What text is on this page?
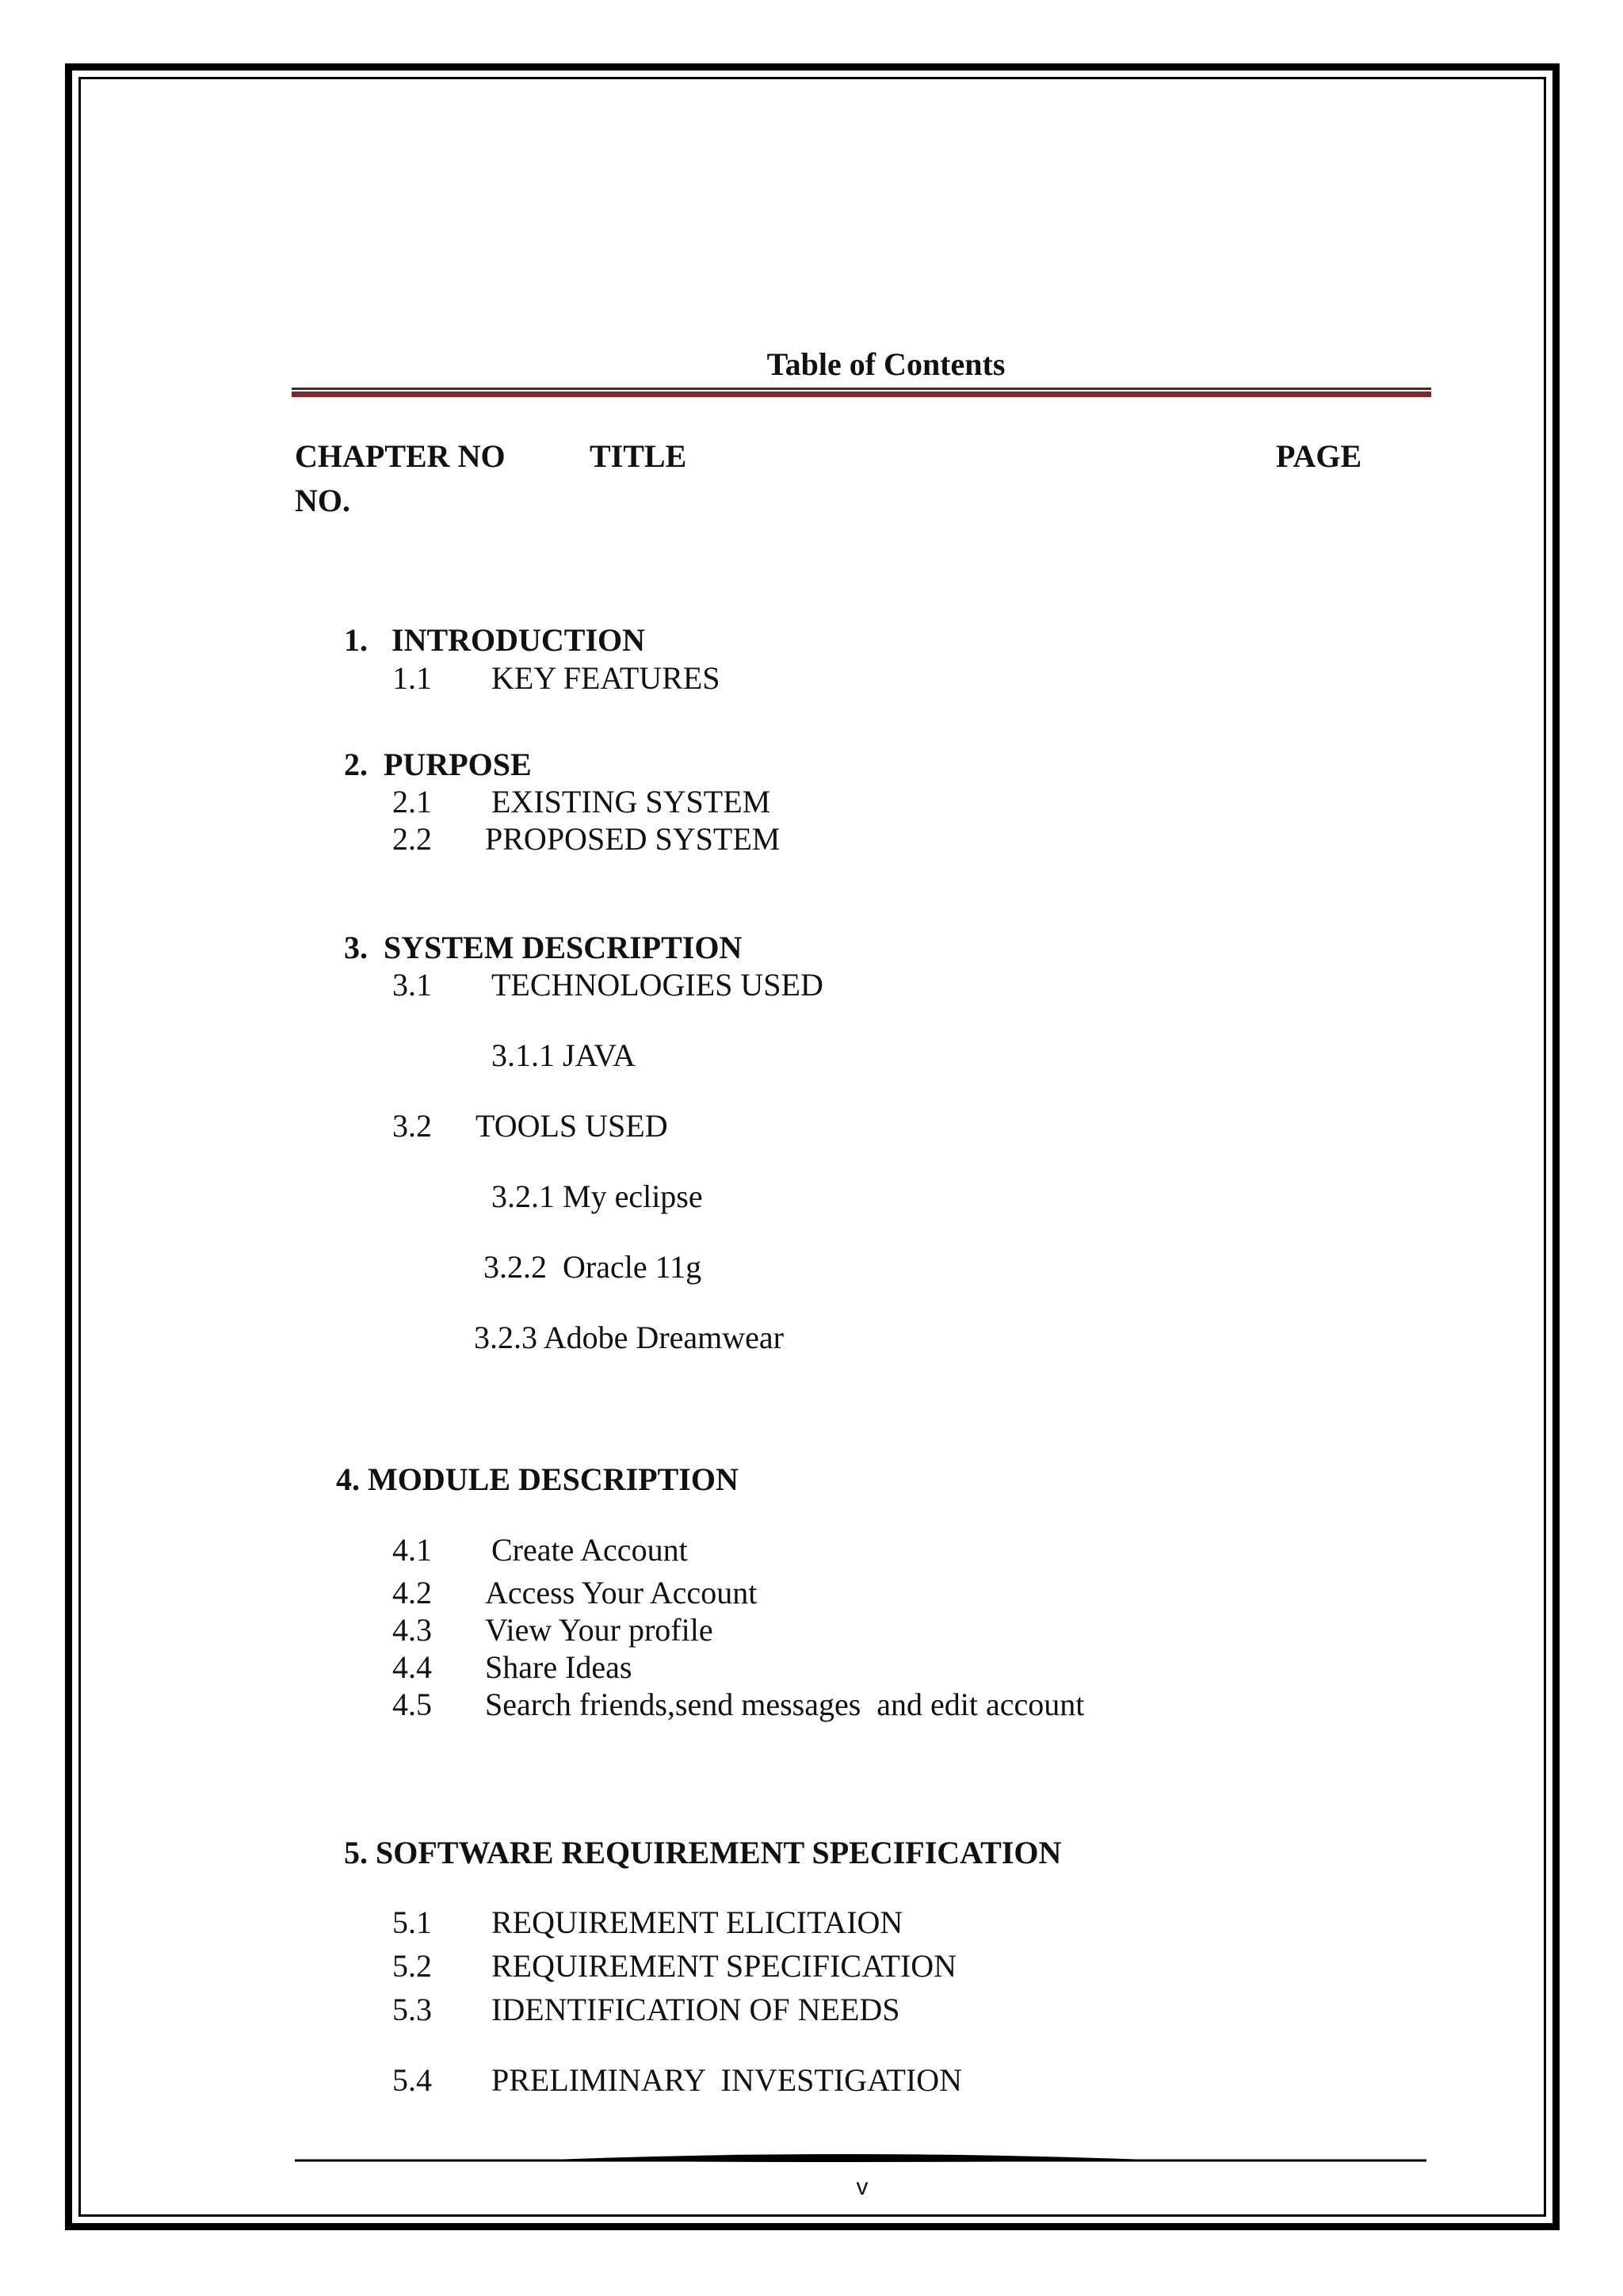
Table of Contents
CHAPTER NO	TITLE	PAGE
NO.
1.   INTRODUCTION
1.1 KEY FEATURES
2.  PURPOSE
2.1 EXISTING SYSTEM
2.2 PROPOSED SYSTEM
3.  SYSTEM DESCRIPTION
3.1 TECHNOLOGIES USED
3.1.1 JAVA
3.2 TOOLS USED
3.2.1 My eclipse
3.2.2  Oracle 11g
3.2.3 Adobe Dreamwear
4. MODULE DESCRIPTION
4.1 Create Account
4.2 Access Your Account
4.3 View Your profile
4.4 Share Ideas
4.5 Search friends,send messages  and edit account
5. SOFTWARE REQUIREMENT SPECIFICATION
5.1 REQUIREMENT ELICITAION
5.2 REQUIREMENT SPECIFICATION
5.3 IDENTIFICATION OF NEEDS
5.4 PRELIMINARY  INVESTIGATION
v
